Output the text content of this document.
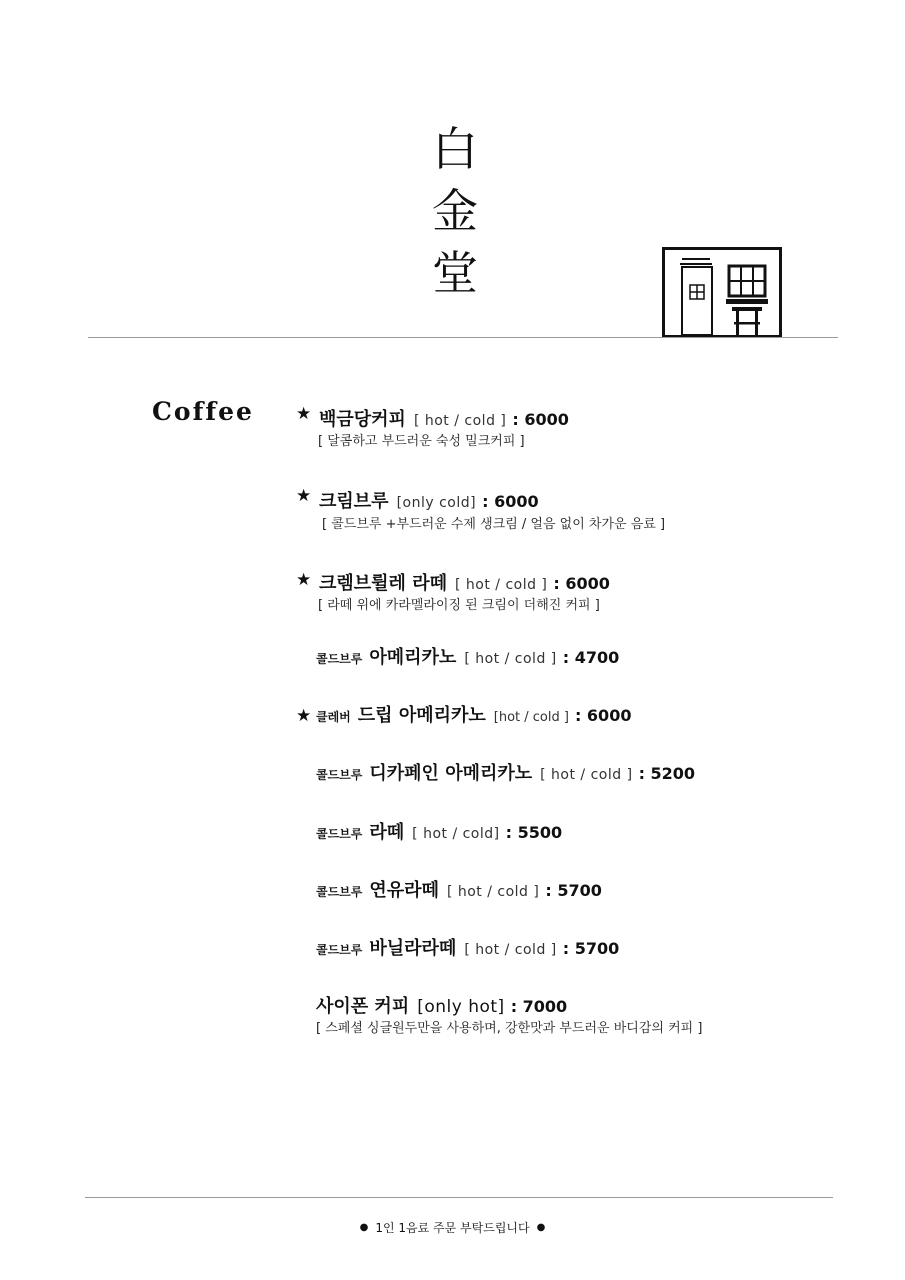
白
金
堂
Coffee ★ 백금당커피 [ hot / cold ] : 6000
[ 달콤하고 부드러운 숙성 밀크커피 ]
★ 크림브루 [only cold] : 6000
[ 콜드브루 +부드러운 수제 생크림 / 얼음 없이 차가운 음료 ]
★ 크렘브륄레 라떼 [ hot / cold ] : 6000
[ 라떼 위에 카라멜라이징 된 크림이 더해진 커피 ]
콜드브루 아메리카노 [ hot / cold ] : 4700
★ 클레버 드립 아메리카노 [hot / cold ] : 6000
콜드브루 디카페인 아메리카노 [ hot / cold ] : 5200
콜드브루 라떼 [ hot / cold] : 5500
콜드브루 연유라떼 [ hot / cold ] : 5700
콜드브루 바닐라라떼 [ hot / cold ] : 5700
사이폰 커피 [only hot] : 7000
[ 스페셜 싱글원두만을 사용하며, 강한맛과 부드러운 바디감의 커피 ]
● 1인 1음료 주문 부탁드립니다 ●
